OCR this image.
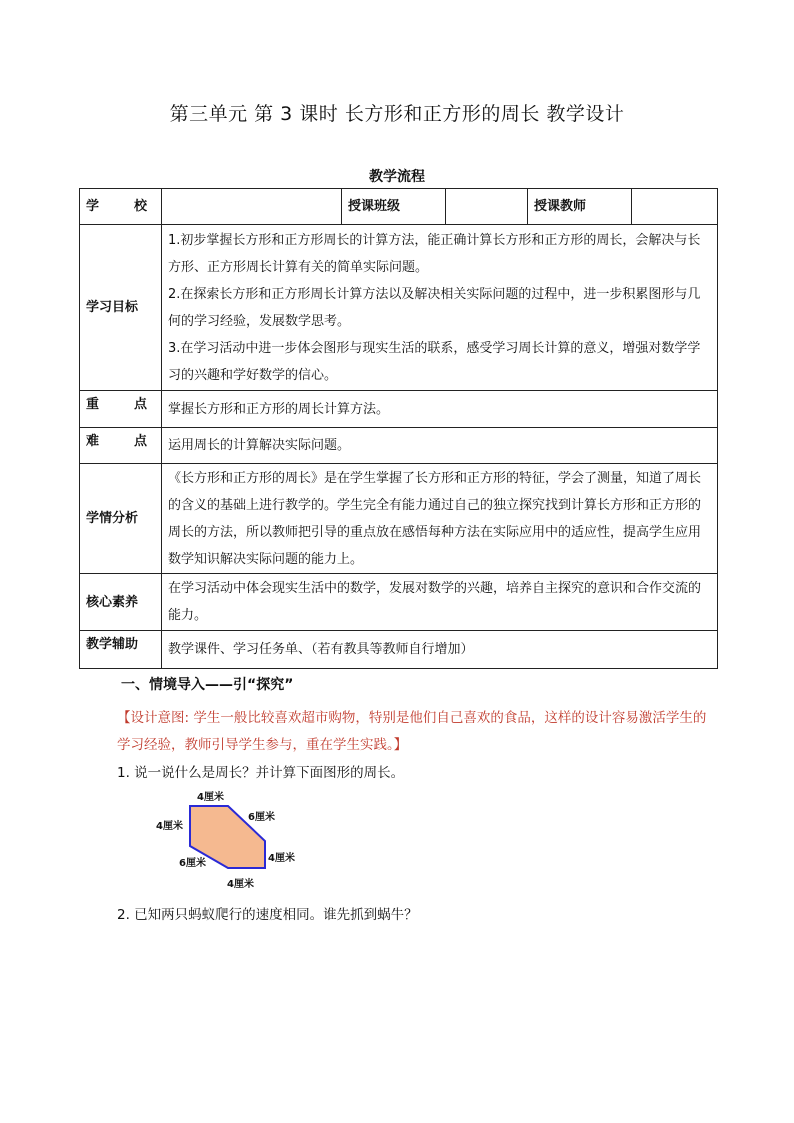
第三单元 第 3 课时 长方形和正方形的周长 教学设计
教学流程
学 校		授课班级		授课教师	
学习目标	1.初步掌握长方形和正方形周长的计算方法，能正确计算长方形和正方形的周长，会解决与长方形、正方形周长计算有关的简单实际问题。
2.在探索长方形和正方形周长计算方法以及解决相关实际问题的过程中，进一步积累图形与几何的学习经验，发展数学思考。
3.在学习活动中进一步体会图形与现实生活的联系，感受学习周长计算的意义，增强对数学学习的兴趣和学好数学的信心。				

重 点	掌握长方形和正方形的周长计算方法。				

难 点	运用周长的计算解决实际问题。				
学情分析	《长方形和正方形的周长》是在学生掌握了长方形和正方形的特征，学会了测量，知道了周长的含义的基础上进行教学的。学生完全有能力通过自己的独立探究找到计算长方形和正方形的周长的方法，所以教师把引导的重点放在感悟每种方法在实际应用中的适应性，提高学生应用数学知识解决实际问题的能力上。				
核心素养	在学习活动中体会现实生活中的数学，发展对数学的兴趣，培养自主探究的意识和合作交流的能力。				
教学辅助	教学课件、学习任务单、（若有教具等教师自行增加）				
一、情境导入——引“探究”
【设计意图: 学生一般比较喜欢超市购物，特别是他们自己喜欢的食品，这样的设计容易激活学生的学习经验，教师引导学生参与，重在学生实践。】
1. 说一说什么是周长？并计算下面图形的周长。
4厘米
4厘米
6厘米
4厘米
6厘米
4厘米
2. 已知两只蚂蚁爬行的速度相同。谁先抓到蜗牛？
